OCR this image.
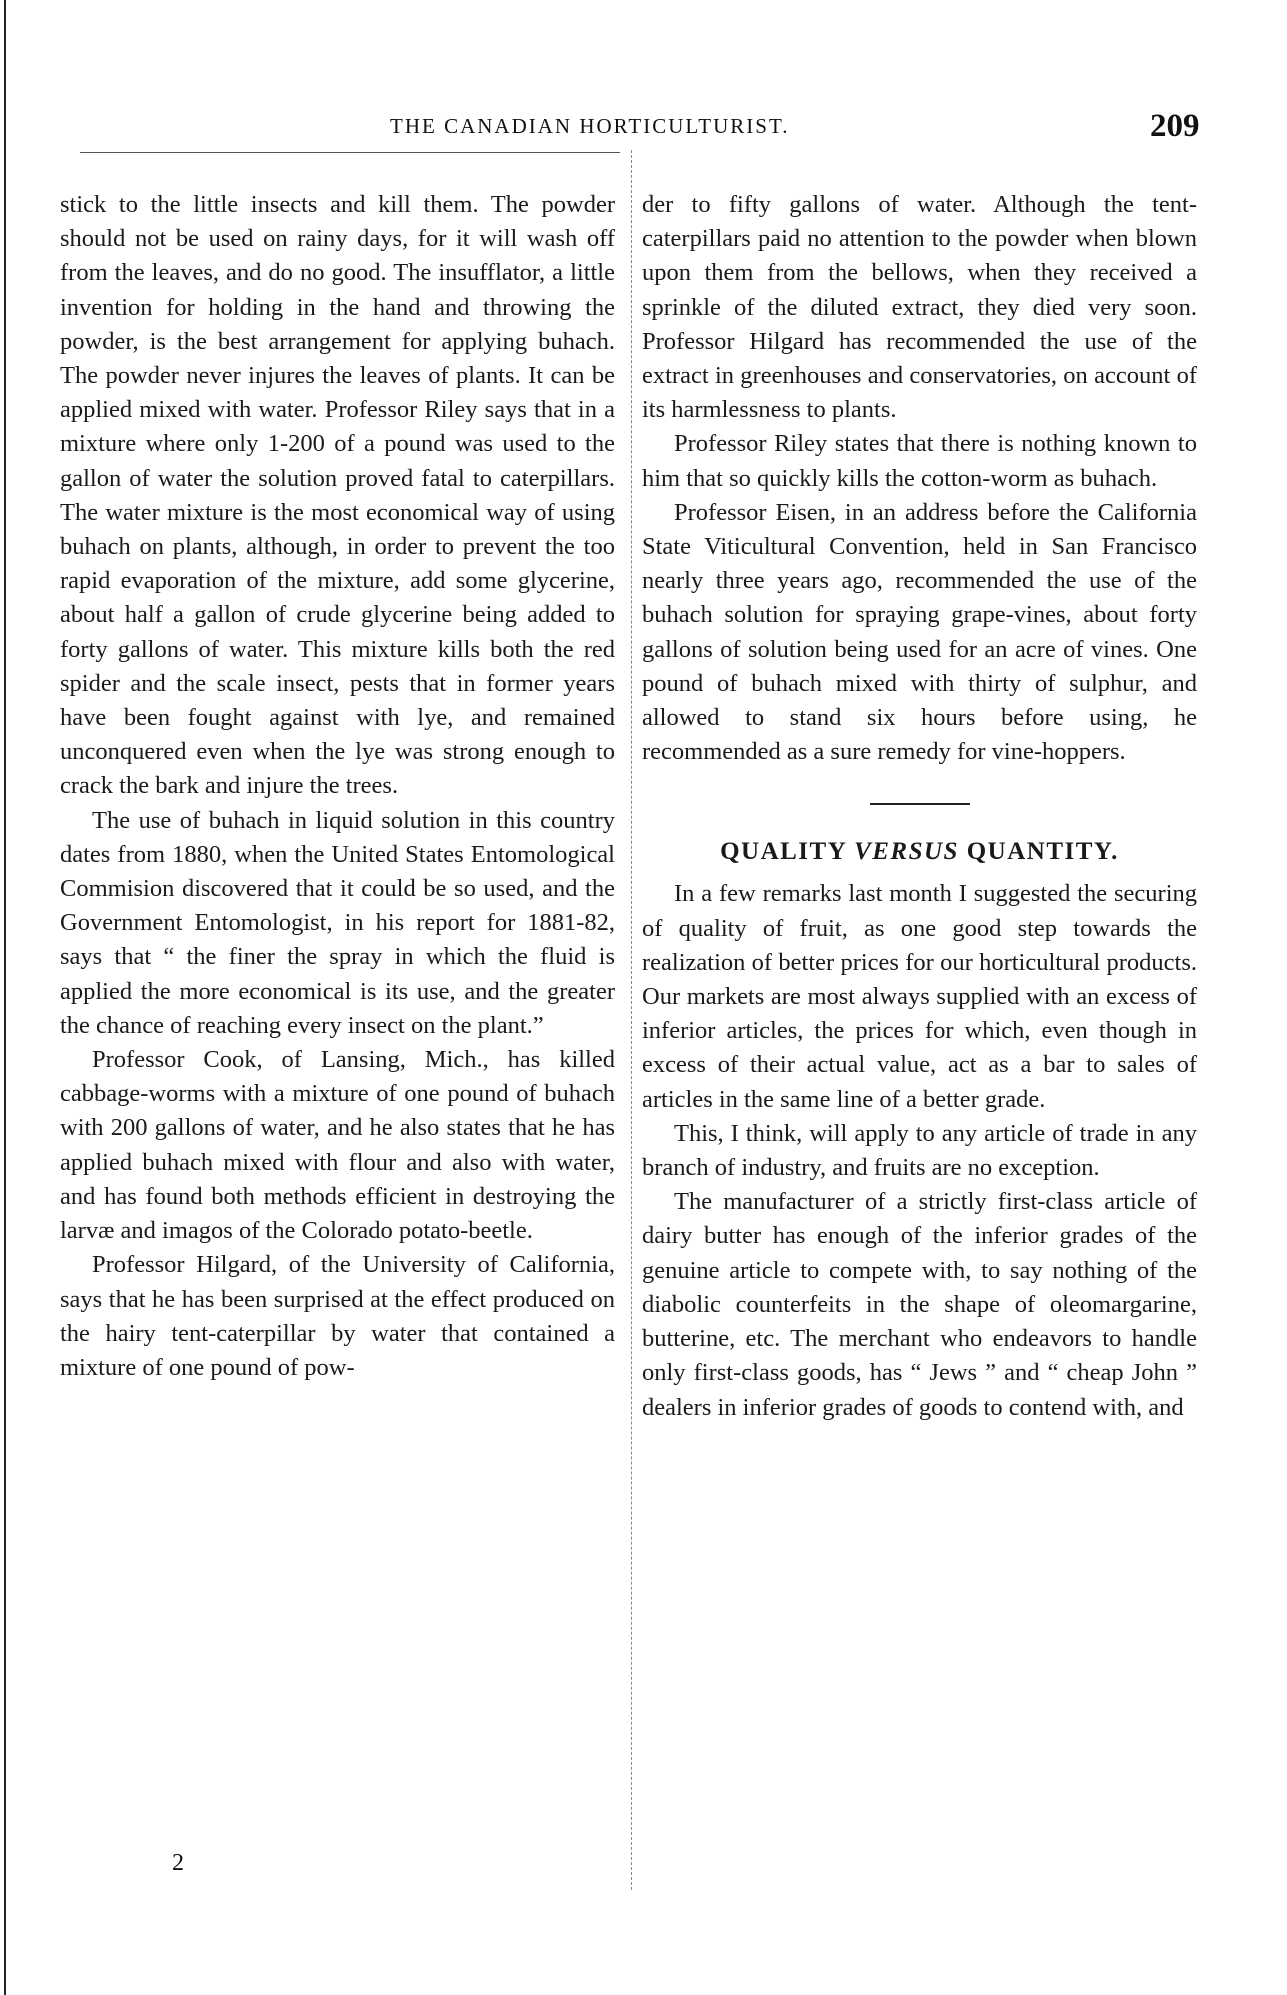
THE CANADIAN HORTICULTURIST.	209

stick to the little insects and kill them. The powder should not be used on rainy days, for it will wash off from the leaves, and do no good. The insufflator, a little invention for holding in the hand and throwing the powder, is the best arrangement for applying buhach. The powder never injures the leaves of plants. It can be applied mixed with water. Professor Riley says that in a mixture where only 1-200 of a pound was used to the gallon of water the solution proved fatal to caterpillars. The water mixture is the most economical way of using buhach on plants, although, in order to prevent the too rapid evaporation of the mixture, add some glycerine, about half a gallon of crude glycerine being added to forty gallons of water. This mixture kills both the red spider and the scale insect, pests that in former years have been fought against with lye, and remained unconquered even when the lye was strong enough to crack the bark and injure the trees.

The use of buhach in liquid solution in this country dates from 1880, when the United States Entomological Commision discovered that it could be so used, and the Government Entomologist, in his report for 1881-82, says that “ the finer the spray in which the fluid is applied the more economical is its use, and the greater the chance of reaching every insect on the plant.”

Professor Cook, of Lansing, Mich., has killed cabbage-worms with a mixture of one pound of buhach with 200 gallons of water, and he also states that he has applied buhach mixed with flour and also with water, and has found both methods efficient in destroying the larvæ and imagos of the Colorado potato-beetle.

Professor Hilgard, of the University of California, says that he has been surprised at the effect produced on the hairy tent-caterpillar by water that contained a mixture of one pound of pow-

der to fifty gallons of water. Although the tent-caterpillars paid no attention to the powder when blown upon them from the bellows, when they received a sprinkle of the diluted extract, they died very soon. Professor Hilgard has recommended the use of the extract in greenhouses and conservatories, on account of its harmlessness to plants.

Professor Riley states that there is nothing known to him that so quickly kills the cotton-worm as buhach.

Professor Eisen, in an address before the California State Viticultural Convention, held in San Francisco nearly three years ago, recommended the use of the buhach solution for spraying grape-vines, about forty gallons of solution being used for an acre of vines. One pound of buhach mixed with thirty of sulphur, and allowed to stand six hours before using, he recommended as a sure remedy for vine-hoppers.

QUALITY VERSUS QUANTITY.

In a few remarks last month I suggested the securing of quality of fruit, as one good step towards the realization of better prices for our horticultural products. Our markets are most always supplied with an excess of inferior articles, the prices for which, even though in excess of their actual value, act as a bar to sales of articles in the same line of a better grade.

This, I think, will apply to any article of trade in any branch of industry, and fruits are no exception.

The manufacturer of a strictly first-class article of dairy butter has enough of the inferior grades of the genuine article to compete with, to say nothing of the diabolic counterfeits in the shape of oleomargarine, butterine, etc. The merchant who endeavors to handle only first-class goods, has “ Jews ” and “ cheap John ” dealers in inferior grades of goods to contend with, and

2
